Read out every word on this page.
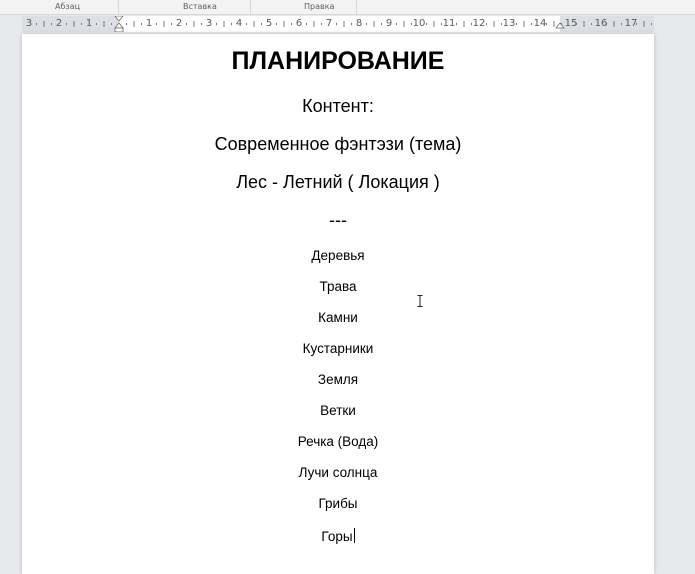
Абзац	Вставка	Правка
3 2 1	1 2 3 4 5 6 7 8 9 10 11 12 13 14 15 16 17
ПЛАНИРОВАНИЕ
Контент:
Современное фэнтэзи (тема)
Лес - Летний ( Локация )
---
Деревья
Трава
Камни
Кустарники
Земля
Ветки
Речка (Вода)
Лучи солнца
Грибы
Горы
